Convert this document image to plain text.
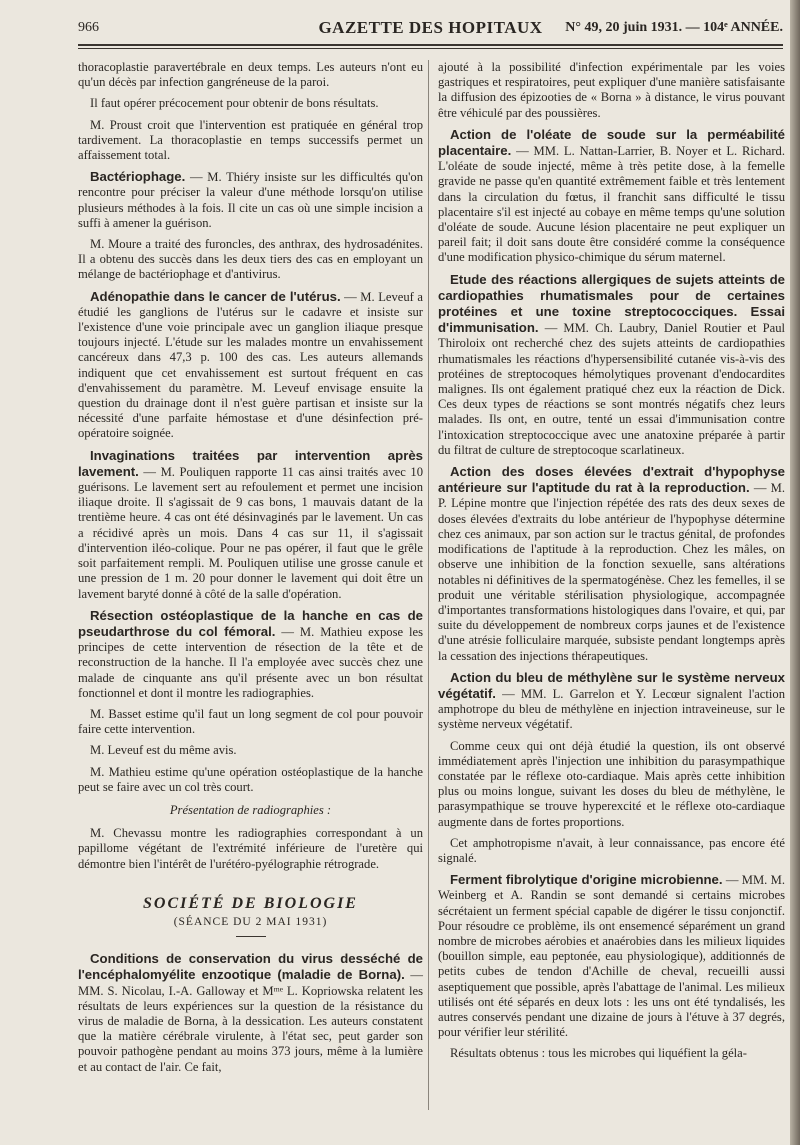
966	GAZETTE DES HOPITAUX	N° 49, 20 juin 1931. — 104ᵉ ANNÉE.

thoracoplastie paravertébrale en deux temps. Les auteurs n'ont eu qu'un décès par infection gangréneuse de la paroi.

Il faut opérer précocement pour obtenir de bons résultats.

M. Proust croit que l'intervention est pratiquée en général trop tardivement. La thoracoplastie en temps successifs permet un affaissement total.

Bactériophage. — M. Thiéry insiste sur les difficultés qu'on rencontre pour préciser la valeur d'une méthode lorsqu'on utilise plusieurs méthodes à la fois. Il cite un cas où une simple incision a suffi à amener la guérison.

M. Moure a traité des furoncles, des anthrax, des hydrosadénites. Il a obtenu des succès dans les deux tiers des cas en employant un mélange de bactériophage et d'antivirus.

Adénopathie dans le cancer de l'utérus. — M. Leveuf a étudié les ganglions de l'utérus sur le cadavre et insiste sur l'existence d'une voie principale avec un ganglion iliaque presque toujours injecté. L'étude sur les malades montre un envahissement cancéreux dans 47,3 p. 100 des cas. Les auteurs allemands indiquent que cet envahissement est surtout fréquent en cas d'envahissement du paramètre. M. Leveuf envisage ensuite la question du drainage dont il n'est guère partisan et insiste sur la nécessité d'une parfaite hémostase et d'une désinfection pré-opératoire soignée.

Invaginations traitées par intervention après lavement. — M. Pouliquen rapporte 11 cas ainsi traités avec 10 guérisons. Le lavement sert au refoulement et permet une incision iliaque droite. Il s'agissait de 9 cas bons, 1 mauvais datant de la trentième heure. 4 cas ont été désinvaginés par le lavement. Un cas a récidivé après un mois. Dans 4 cas sur 11, il s'agissait d'intervention iléo-colique. Pour ne pas opérer, il faut que le grêle soit parfaitement rempli. M. Pouliquen utilise une grosse canule et une pression de 1 m. 20 pour donner le lavement qui doit être un lavement baryté donné à côté de la salle d'opération.

Résection ostéoplastique de la hanche en cas de pseudarthrose du col fémoral. — M. Mathieu expose les principes de cette intervention de résection de la tête et de reconstruction de la hanche. Il l'a employée avec succès chez une malade de cinquante ans qu'il présente avec un bon résultat fonctionnel et dont il montre les radiographies.

M. Basset estime qu'il faut un long segment de col pour pouvoir faire cette intervention.

M. Leveuf est du même avis.

M. Mathieu estime qu'une opération ostéoplastique de la hanche peut se faire avec un col très court.

Présentation de radiographies :

M. Chevassu montre les radiographies correspondant à un papillome végétant de l'extrémité inférieure de l'uretère qui démontre bien l'intérêt de l'urétéro-pyélographie rétrograde.

SOCIÉTÉ DE BIOLOGIE
(SÉANCE DU 2 MAI 1931)

Conditions de conservation du virus desséché de l'encéphalomyélite enzootique (maladie de Borna). — MM. S. Nicolau, I.-A. Galloway et Mᵐᵉ L. Kopriowska relatent les résultats de leurs expériences sur la question de la résistance du virus de maladie de Borna, à la dessication. Les auteurs constatent que la matière cérébrale virulente, à l'état sec, peut garder son pouvoir pathogène pendant au moins 373 jours, même à la lumière et au contact de l'air. Ce fait,

ajouté à la possibilité d'infection expérimentale par les voies gastriques et respiratoires, peut expliquer d'une manière satisfaisante la diffusion des épizooties de « Borna » à distance, le virus pouvant être véhiculé par des poussières.

Action de l'oléate de soude sur la perméabilité placentaire. — MM. L. Nattan-Larrier, B. Noyer et L. Richard. L'oléate de soude injecté, même à très petite dose, à la femelle gravide ne passe qu'en quantité extrêmement faible et très lentement dans la circulation du fœtus, il franchit sans difficulté le tissu placentaire s'il est injecté au cobaye en même temps qu'une solution d'oléate de soude. Aucune lésion placentaire ne peut expliquer un pareil fait; il doit sans doute être considéré comme la conséquence d'une modification physico-chimique du sérum maternel.

Etude des réactions allergiques de sujets atteints de cardiopathies rhumatismales pour de certaines protéines et une toxine streptococciques. Essai d'immunisation. — MM. Ch. Laubry, Daniel Routier et Paul Thiroloix ont recherché chez des sujets atteints de cardiopathies rhumatismales les réactions d'hypersensibilité cutanée vis-à-vis des protéines de streptocoques hémolytiques provenant d'endocardites malignes. Ils ont également pratiqué chez eux la réaction de Dick. Ces deux types de réactions se sont montrés négatifs chez leurs malades. Ils ont, en outre, tenté un essai d'immunisation contre l'intoxication streptococcique avec une anatoxine préparée à partir du filtrat de culture de streptocoque scarlatineux.

Action des doses élevées d'extrait d'hypophyse antérieure sur l'aptitude du rat à la reproduction. — M. P. Lépine montre que l'injection répétée des rats des deux sexes de doses élevées d'extraits du lobe antérieur de l'hypophyse détermine chez ces animaux, par son action sur le tractus génital, de profondes modifications de l'aptitude à la reproduction. Chez les mâles, on observe une inhibition de la fonction sexuelle, sans altérations notables ni définitives de la spermatogénèse. Chez les femelles, il se produit une véritable stérilisation physiologique, accompagnée d'importantes transformations histologiques dans l'ovaire, et qui, par suite du développement de nombreux corps jaunes et de l'existence d'une atrésie folliculaire marquée, subsiste pendant longtemps après la cessation des injections thérapeutiques.

Action du bleu de méthylène sur le système nerveux végétatif. — MM. L. Garrelon et Y. Lecœur signalent l'action amphotrope du bleu de méthylène en injection intraveineuse, sur le système nerveux végétatif.

Comme ceux qui ont déjà étudié la question, ils ont observé immédiatement après l'injection une inhibition du parasympathique constatée par le réflexe oto-cardiaque. Mais après cette inhibition plus ou moins longue, suivant les doses du bleu de méthylène, le parasympathique se trouve hyperexcité et le réflexe oto-cardiaque augmente dans de fortes proportions.

Cet amphotropisme n'avait, à leur connaissance, pas encore été signalé.

Ferment fibrolytique d'origine microbienne. — MM. M. Weinberg et A. Randin se sont demandé si certains microbes sécrétaient un ferment spécial capable de digérer le tissu conjonctif. Pour résoudre ce problème, ils ont ensemencé séparément un grand nombre de microbes aérobies et anaérobies dans les milieux liquides (bouillon simple, eau peptonée, eau physiologique), additionnés de petits cubes de tendon d'Achille de cheval, recueilli aussi aseptiquement que possible, après l'abattage de l'animal. Les milieux utilisés ont été séparés en deux lots : les uns ont été tyndalisés, les autres conservés pendant une dizaine de jours à l'étuve à 37 degrés, pour vérifier leur stérilité.

Résultats obtenus : tous les microbes qui liquéfient la géla-
